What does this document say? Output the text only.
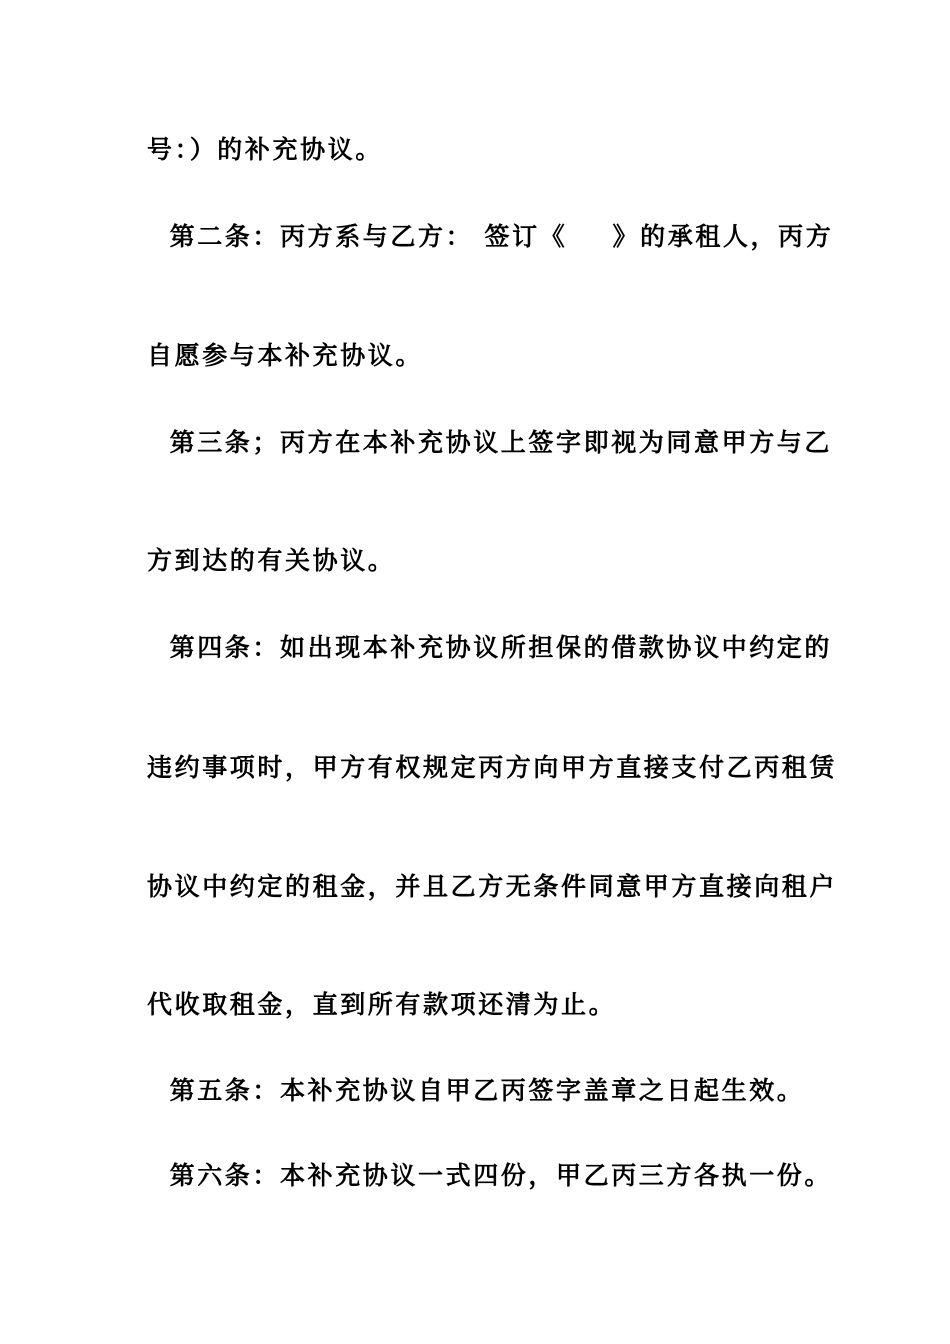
号：）的补充协议。
第二条：丙方系与乙方： 签订《    》的承租人，丙方
自愿参与本补充协议。
第三条；丙方在本补充协议上签字即视为同意甲方与乙
方到达的有关协议。
第四条：如出现本补充协议所担保的借款协议中约定的
违约事项时，甲方有权规定丙方向甲方直接支付乙丙租赁
协议中约定的租金，并且乙方无条件同意甲方直接向租户
代收取租金，直到所有款项还清为止。
第五条：本补充协议自甲乙丙签字盖章之日起生效。
第六条：本补充协议一式四份，甲乙丙三方各执一份。
